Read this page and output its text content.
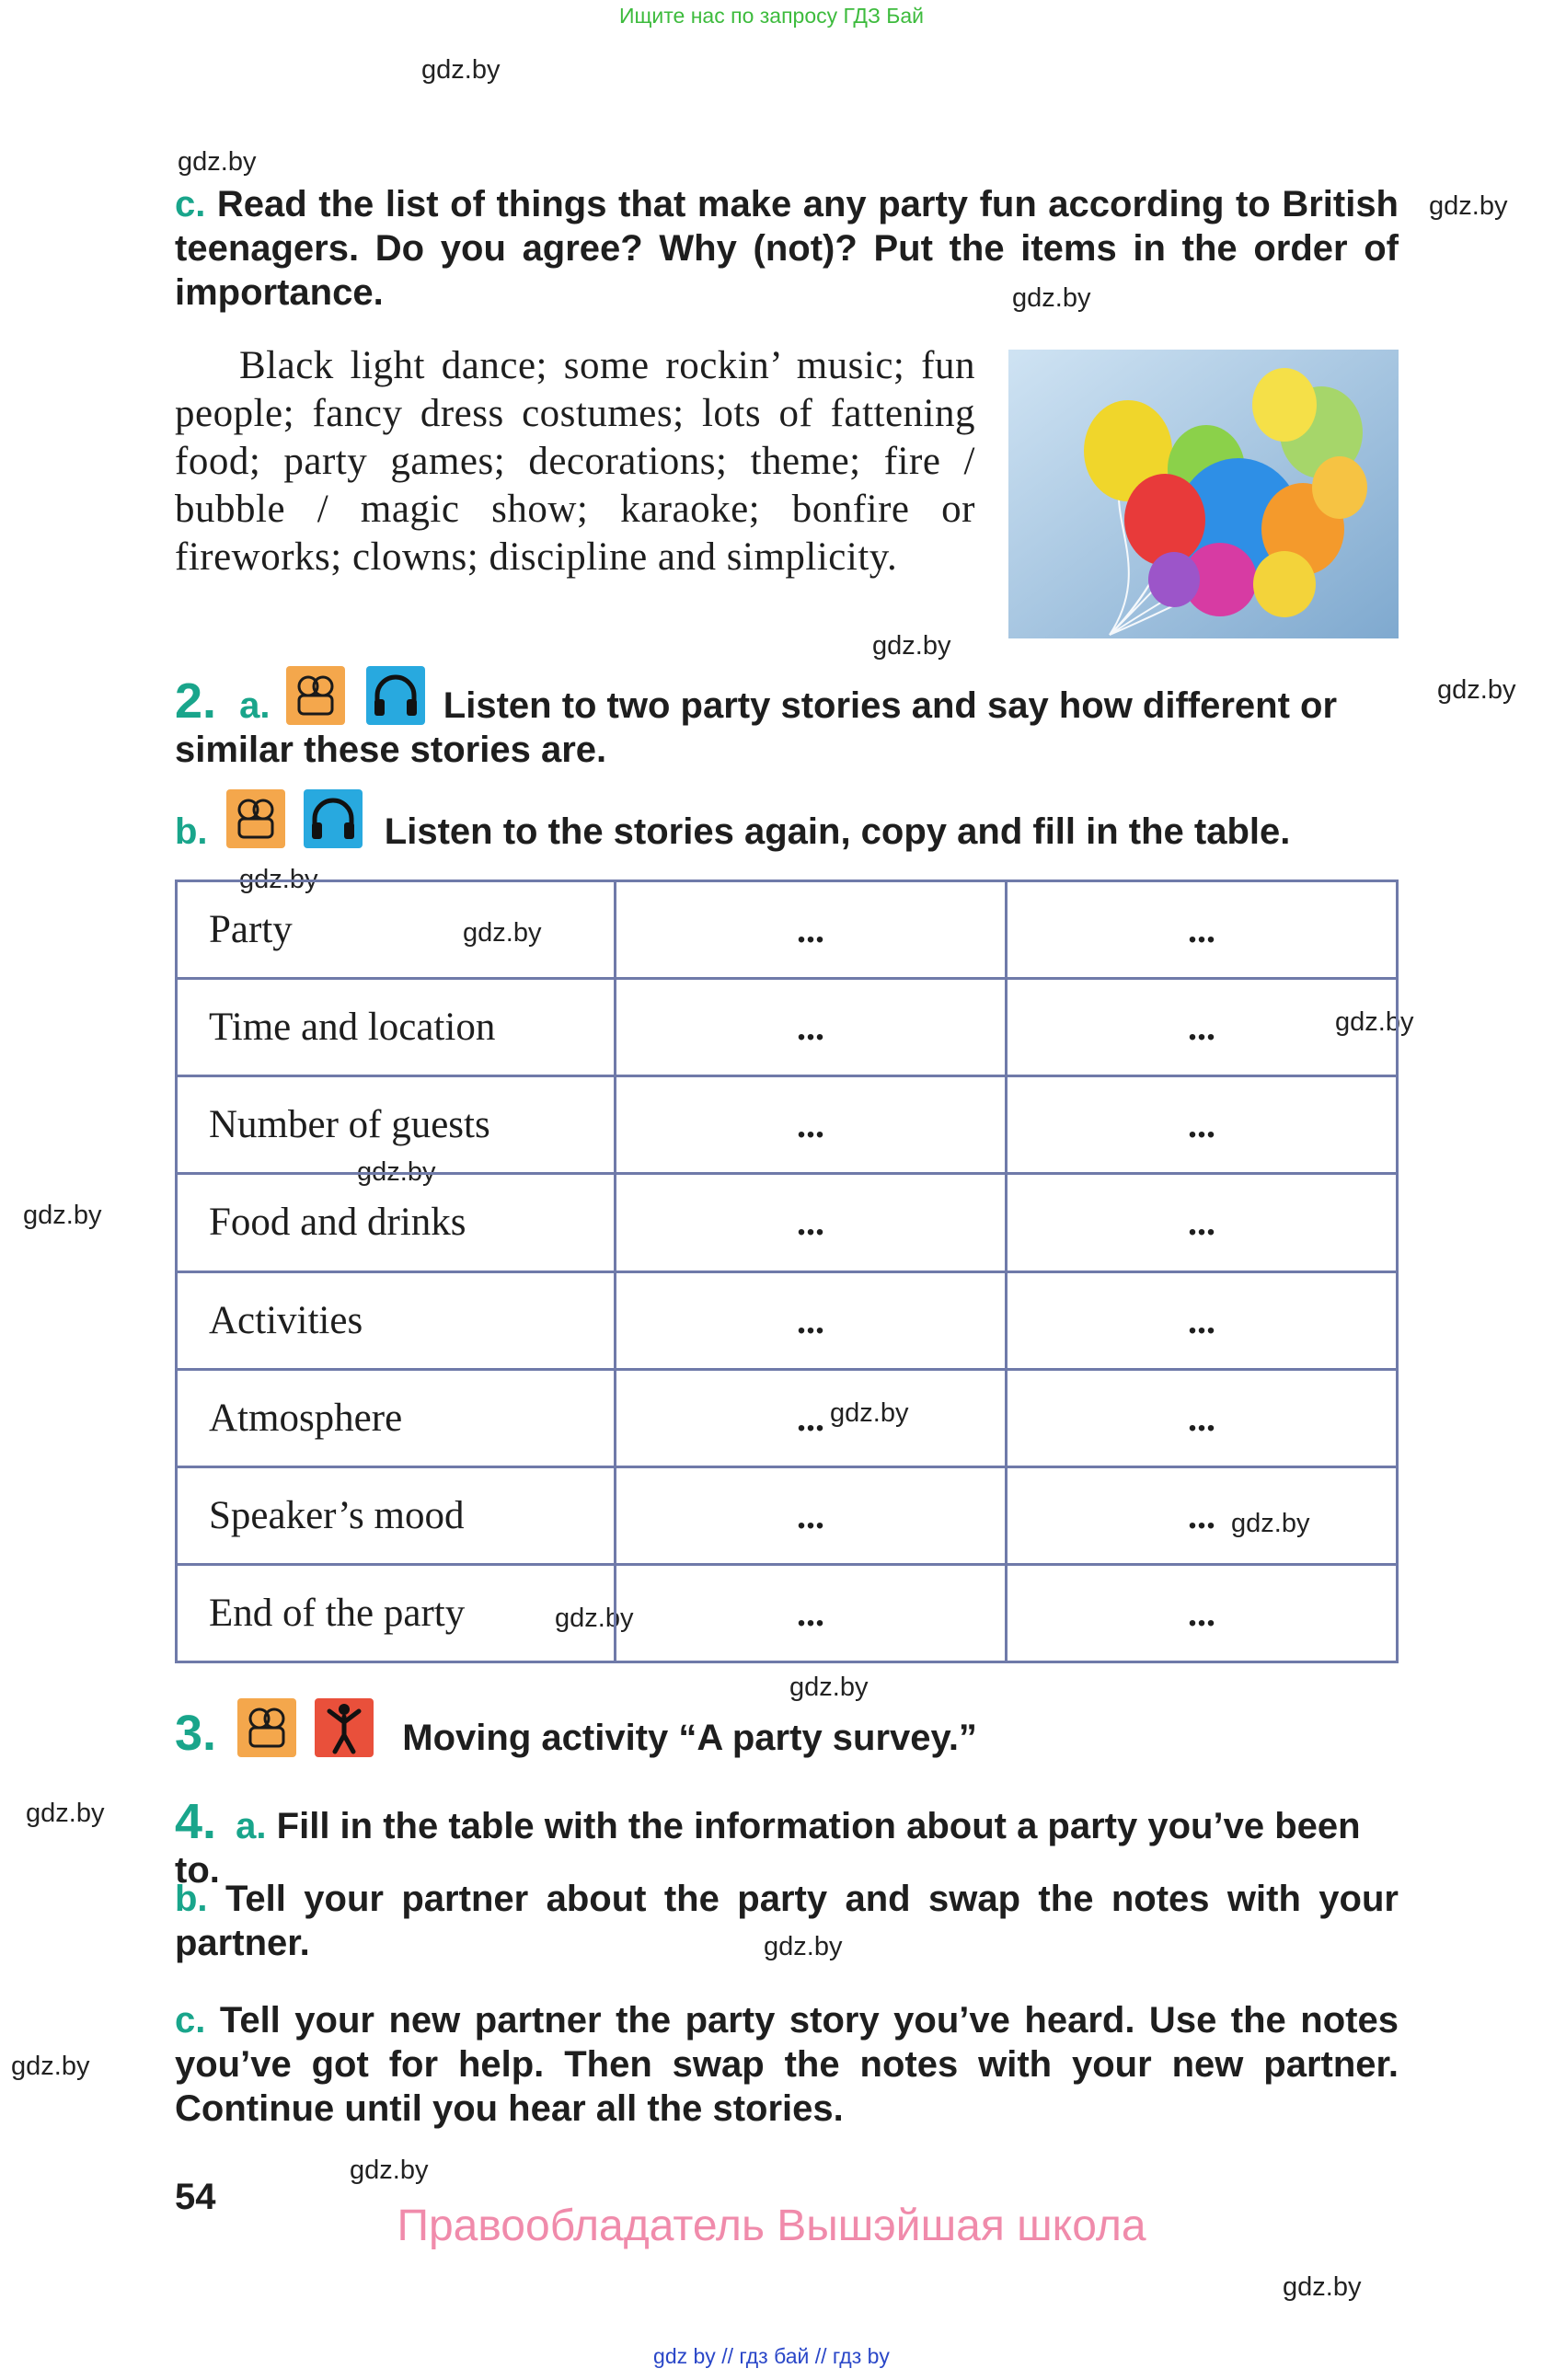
Ищите нас по запросу ГДЗ Бай
gdz.by
gdz.by
gdz.by
gdz.by
gdz.by
gdz.by
gdz.by
gdz.by
gdz.by
gdz.by
gdz.by
gdz.by
gdz.by
gdz.by
gdz.by
gdz.by
gdz.by
gdz.by
gdz.by
gdz.by
c. Read the list of things that make any party fun according to British teenagers. Do you agree? Why (not)? Put the items in the order of importance.
Black light dance; some rockin’ music; fun people; fancy dress costumes; lots of fattening food; party games; decorations; theme; fire / bubble / magic show; karaoke; bonfire or fireworks; clowns; discipline and simplicity.
2. a.	Listen to two party stories and say how different or similar these stories are.
b.	Listen to the stories again, copy and fill in the table.
Party	...	...
Time and location	...	...
Number of guests	...	...
Food and drinks	...	...
Activities	...	...
Atmosphere	...	...
Speaker’s mood	...	...
End of the party	...	...
3.	Moving activity “A party survey.”
4. a. Fill in the table with the information about a party you’ve been to.
b. Tell your partner about the party and swap the notes with your partner.
c. Tell your new partner the party story you’ve heard. Use the notes you’ve got for help. Then swap the notes with your new partner. Continue until you hear all the stories.
54
Правообладатель Вышэйшая школа
gdz by // гдз бай // гдз by
